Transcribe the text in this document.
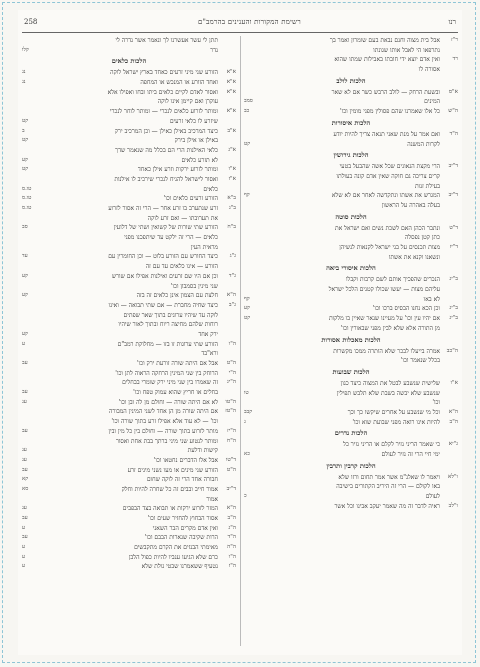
258	רשימת המקורות והענינים בהרמב"ם	רנו
ר"ז
אבל בית מצוה וחנם נבאת בעם שומרון ואמר בך
נתרפאו הי לאבל אותו שגונתו
רד
ואין אדם יוצא ידי חובתו באבילות שמתו שהוא
אסורה לו
הלכות לולב
א"ס
ובשעת הרחק — לולב הרבש כשר אם לא שאר
סמב	המינים
ה"ש
כב	כל אלו שאמרנו שהם פסולין מפני מומין וכו'
הלכות איסורות
ה"ד
ואם אמר על מנת שאני תנאה צריך להיות יודע
קט	לקרות המשנה
הלכות גירושין
ד"יב
הרי מקצת הגאונים שכל אשה שהבעל בטעי
קרים צריכה גם חוקה שאין אדם קונה בעולתו
בעילת זנות
ד"יב
קף	המגרש את אשתו ונתקדשה לאחר אם לא שלא
בעלה באהרה על הראשון
הלכות סוטה
ד"ט
ונתבר הכהן האם לשכת נשים ואם ישראל את
כתן קטן נפסלה
ד"יז
מצות תכנסים על בני ישראל לקנאות לנשיהן
ונשאנו וקנא את אשתו
הלכות איסורי ביאה
ב"יג
הנכרים שהפכיך אותם לשם קרבות וקבלו
עליהם מצות — יעשו שכולו קטנים הלכל ישראל
קף	לא באו
ב"יג
קע	וכן הכא נחנו הבסיס ברכו וכו'
ב"יג
קט	אם יהיו עין וכו' על מעיינו שנאר שאיין בו מלקות
מן התורה אלא שלא לבין מפני שבאורין וכו'
הלכות מאכלות אסורות
ה"כב
אמרה בייעלו לבכר שלא הותרה ממכו מקשרות
בכלל שנאמר וכו'
הלכות שבועות
א"ו
שלישית שנשבע לבטל את המצוה כיצד כגון
טו	שנשבע שלא יבשה בשבת שלא תלבש תפילין
וכו'
ה"א
קבב	וכל מי שנשבע על אחרים שיקשו כך וכך
ה"ב
ג	להיות אינו רואה מפני שבועת שוא וכו'
הלכות נדרים
ג"יא
כי שאמר הריני נזיר לקלם או הריני נזיר כל
כא	ימי חיי הרי זה נזיר לעולם
הלכות קרבין ותרבין
ו"לא
ויאמר לו שאלנ"מ אשר אמר תחום ורזו שלא
באו לקולם — הרי זה היריב הקתורים בישיבה
כ	לעולם
ו"לב
ראיה לדבר זה מה שאמר יעקב אבינו וכל אשר
תתן לי עשר אעשרנו לך ונאמר אשר נדרה לי
קלו	נדר
הלכות כלאים
א"א
נג	הזורע שני מיני זרעים כאחד בארץ ישראל לוקה
א"א
נג	ואחד הזורע או המנכש או המחפה
א"א
ואסור לאדם לקיים כלאים ביתו ובחו ואפילו אלא
עוקרן ואם קיימן אינו לוקה
א"א
ומותר לזרוע כלאים לנכרי — ומותר לוחר לנכרי
קט	שיזרע לו כלאי זרעים
א"ב
ב	כיצד המרכיב באילן כאילן — וכן המרכיב ירק
קט	באילן או אילן בירק
א"ג
כלאי האילנות הרי הם בכלל מה שנאמר שדך
קע	לא תזרע כלאים
א"ו
קט	ומותר לזרוע ירקות וזרע אילן כאחד
א"ז
ואסור לישראל להניח לנכרי שירכיב לו אילנות
טו.ס	כלאים
ב"א
טו.ס	הזורע זרעים כלאים וכו'
ב"ג
טו.ס	זרע שנתערב בו זרע אחר — הרי זה אסור לזרוע
את תערובתו — ואם זרע לוקה
ב"ח
סב	הזורע שתי שורות של קשואין ושתי של דלועין
כלאים — הרי זה ילקט עד שיתפכנו מפני
מראית העין
ג"ג
עד	כיצד החורש עם הזורע בלוט — וכן החומרין עם
הזורע — אינו כלאים עד עם זה
ג"ד
קע	וכן אם היו שם זרעים ואילנות אפילו אם שורש
שני מינין בסמבון וכו'
ה"א
קע	חלצת עם הצמון אינן כלאים זה בזה
ג"ב
כיצד שחיה מחברת — אם שתי תבואה — ואינו
לוקה עד שיהיו ערוגים בתוך שאר שפתים
רוחות שלהם מחיצה ריוח ובתוך לאור שיהיו
קע	ירק אחד
ה"ו
ע	הזורע שתי ערוגות זו בזו — מחלוקת רמב"ם
ורא"בד
ה"ט
עב	אבל אם היתה שורה זורעת ירק וכו'
ה"י
הרוחק בין שני המינין הרחקה הראוה לתן וכו'
ה"יג
זה שאמרו בין שני מיני ירק שומרי בבחלים
עב	בחלים או חריץ שהוא עמוק טפח וכו'
ה"טו
עג	לא אם היתה שורה — וחולם מן לה ובן וכו'
ה"טז
אם היתה שורה מן הן אחד לשני המינין המבורה
וכו' — לא עוד אלא אפילו זרע בתוך שורה וכו'
ה"יז
עב	מותר לזרוע בתוך שורה — וחולם בין כל מין ובין
ה"ח
ומותר לנטוע שני מיני ברתך בבת אחת ואסור
עג	קישות ודלעת
ד"טו
עג	אבל אלו הדברים נחטאו וכו'
ה"ט
עב	הזורע שני מינים או מעו נשני מינים זרע
קא	חבורה אחד הרי זה לוקה שחום
ד"יב
סא	אמור חייב ובבים זה כל שחרה להיות וחלק
אמור
ה"א
עג	המזר לזרוע ירקות או תבואה בצד הבפבים
ה"ב
עב	אסור הבחוץ להחזיר שעים וכו'
ה"ג
ע	ואין אדם מקרים הבר השאני
ה"ד
עב	הרות שקיבה שנארות הבבם וכו'
ה"ה
ע	מאימתי הבנזים את הקרם מתקבשים
ה"ו
ע	כרם שלא הגיעו ענביו להיות כפול הלבן
ה"ז
ע	נטעיף ששאמרנו שבטי גולת שלא
